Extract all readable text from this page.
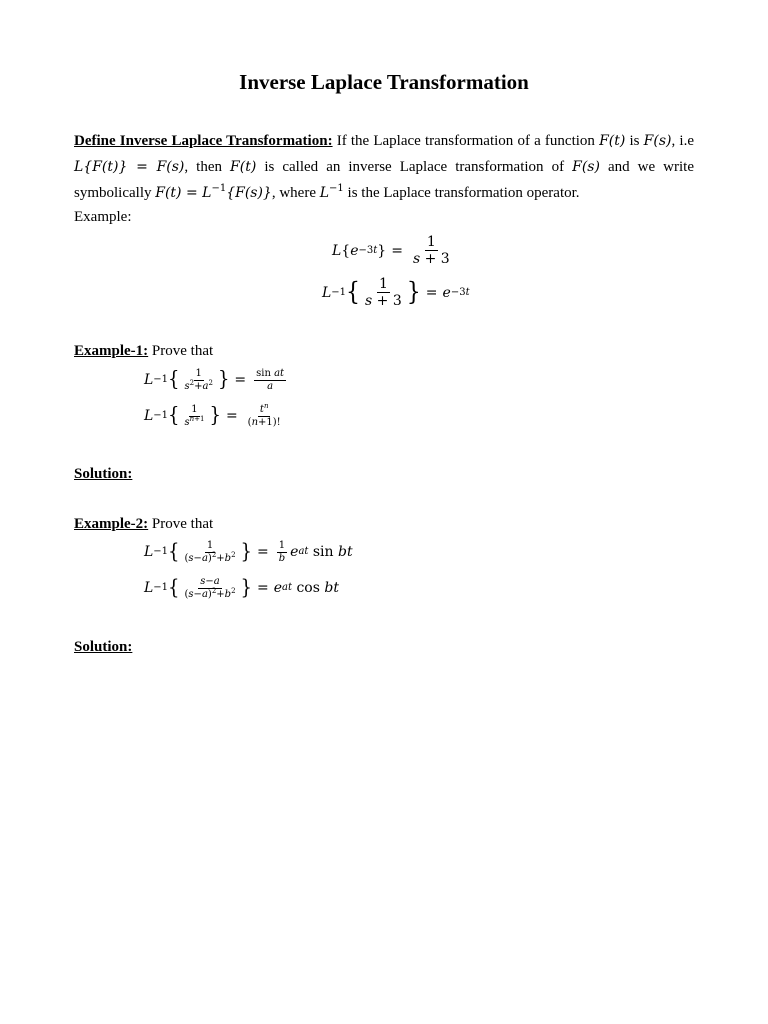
Inverse Laplace Transformation
Define Inverse Laplace Transformation: If the Laplace transformation of a function F(t) is F(s), i.e L{F(t)} = F(s), then F(t) is called an inverse Laplace transformation of F(s) and we write symbolically $F(t) = L^{-1}\{F(s)\}$, where $L^{-1}$ is the Laplace transformation operator.
Example:
L { e −3t } = $\frac{1}{s + 3}$
L −1 { $\frac{1}{s + 3}$ } = e −3t
Example-1: Prove that
L −1 { $\frac{1}{s^2+a^2}$ } = $\frac{\text{sin at}}{a}$
L −1 { $\frac{1}{s^{n+1}}$ } = $\frac{t^n}{(n+1)!}$
Solution:
Example-2: Prove that
L −1 { $\frac{1}{(s-a)^2+b^2}$ } = $\frac{1}{b}$ e at sin bt
L −1 { $\frac{s-a}{(s-a)^2+b^2}$ } = e at cos bt
Solution:
